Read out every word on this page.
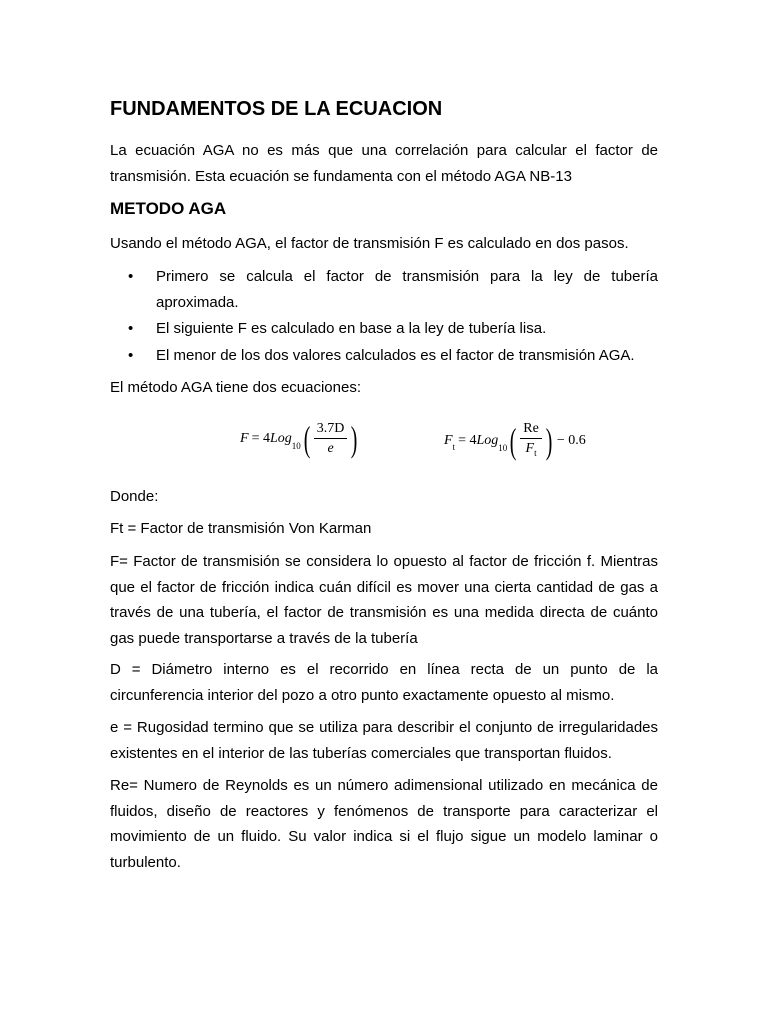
FUNDAMENTOS DE LA ECUACION

La ecuación AGA no es más que una correlación para calcular el factor de transmisión. Esta ecuación se fundamenta con el método AGA NB-13

METODO AGA

Usando el método AGA, el factor de transmisión F es calculado en dos pasos.

• Primero se calcula el factor de transmisión para la ley de tubería aproximada.
• El siguiente F es calculado en base a la ley de tubería lisa.
• El menor de los dos valores calculados es el factor de transmisión AGA.

El método AGA tiene dos ecuaciones:

F = 4 Log$_{10}$ ( $\frac{3.7D}{e}$ )	$F_t = 4$ Log$_{10}$ ( $\frac{Re}{F_t}$ ) − 0.6

Donde:

Ft = Factor de transmisión Von Karman

F= Factor de transmisión se considera lo opuesto al factor de fricción f. Mientras que el factor de fricción indica cuán difícil es mover una cierta cantidad de gas a través de una tubería, el factor de transmisión es una medida directa de cuánto gas puede transportarse a través de la tubería

D = Diámetro interno es el recorrido en línea recta de un punto de la circunferencia interior del pozo a otro punto exactamente opuesto al mismo.

e = Rugosidad termino que se utiliza para describir el conjunto de irregularidades existentes en el interior de las tuberías comerciales que transportan fluidos.

Re= Numero de Reynolds es un número adimensional utilizado en mecánica de fluidos, diseño de reactores y fenómenos de transporte para caracterizar el movimiento de un fluido. Su valor indica si el flujo sigue un modelo laminar o turbulento.
